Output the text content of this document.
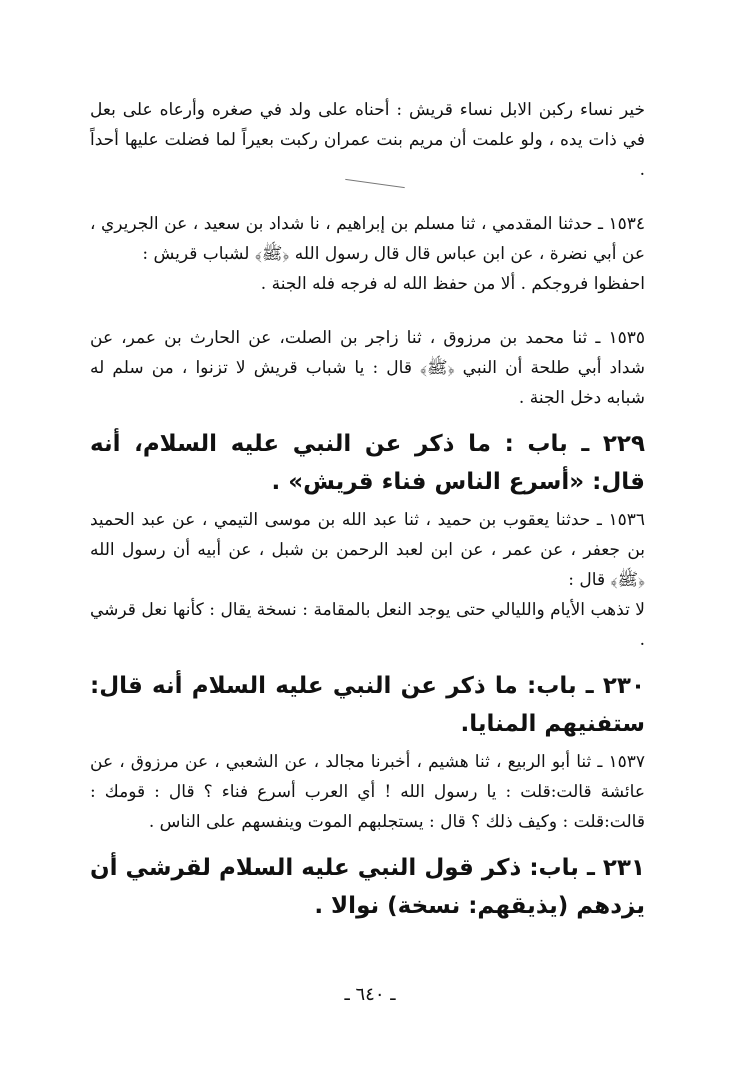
خير نساء ركبن الابل نساء قريش : أحناه على ولد في صغره وأرعاه على بعل في ذات يده ، ولو علمت أن مريم بنت عمران ركبت بعيراً لما فضلت عليها أحداً .

١٥٣٤ ـ حدثنا المقدمي ، ثنا مسلم بن إبراهيم ، نا شداد بن سعيد ، عن الجريري ، عن أبي نضرة ، عن ابن عباس قال قال رسول الله ﴿ﷺ﴾ لشباب قريش :

احفظوا فروجكم . ألا من حفظ الله له فرجه فله الجنة .

١٥٣٥ ـ ثنا محمد بن مرزوق ، ثنا زاجر بن الصلت، عن الحارث بن عمر، عن شداد أبي طلحة أن النبي ﴿ﷺ﴾ قال : يا شباب قريش لا تزنوا ، من سلم له شبابه دخل الجنة .

٢٢٩ ـ باب : ما ذكر عن النبي عليه السلام، أنه قال: «أسرع الناس فناء قريش» .

١٥٣٦ ـ حدثنا يعقوب بن حميد ، ثنا عبد الله بن موسى التيمي ، عن عبد الحميد بن جعفر ، عن عمر ، عن ابن لعبد الرحمن بن شبل ، عن أبيه أن رسول الله ﴿ﷺ﴾ قال :

لا تذهب الأيام والليالي حتى يوجد النعل بالمقامة : نسخة يقال : كأنها نعل قرشي .

٢٣٠ ـ باب: ما ذكر عن النبي عليه السلام أنه قال: ستفنيهم المنايا.

١٥٣٧ ـ ثنا أبو الربيع ، ثنا هشيم ، أخبرنا مجالد ، عن الشعبي ، عن مرزوق ، عن عائشة قالت:قلت : يا رسول الله ! أي العرب أسرع فناء ؟ قال : قومك : قالت:قلت : وكيف ذلك ؟ قال : يستجلبهم الموت وينفسهم على الناس .

٢٣١ ـ باب: ذكر قول النبي عليه السلام لقرشي أن يزدهم (يذيقهم: نسخة) نوالا .

ـ ٦٤٠ ـ
